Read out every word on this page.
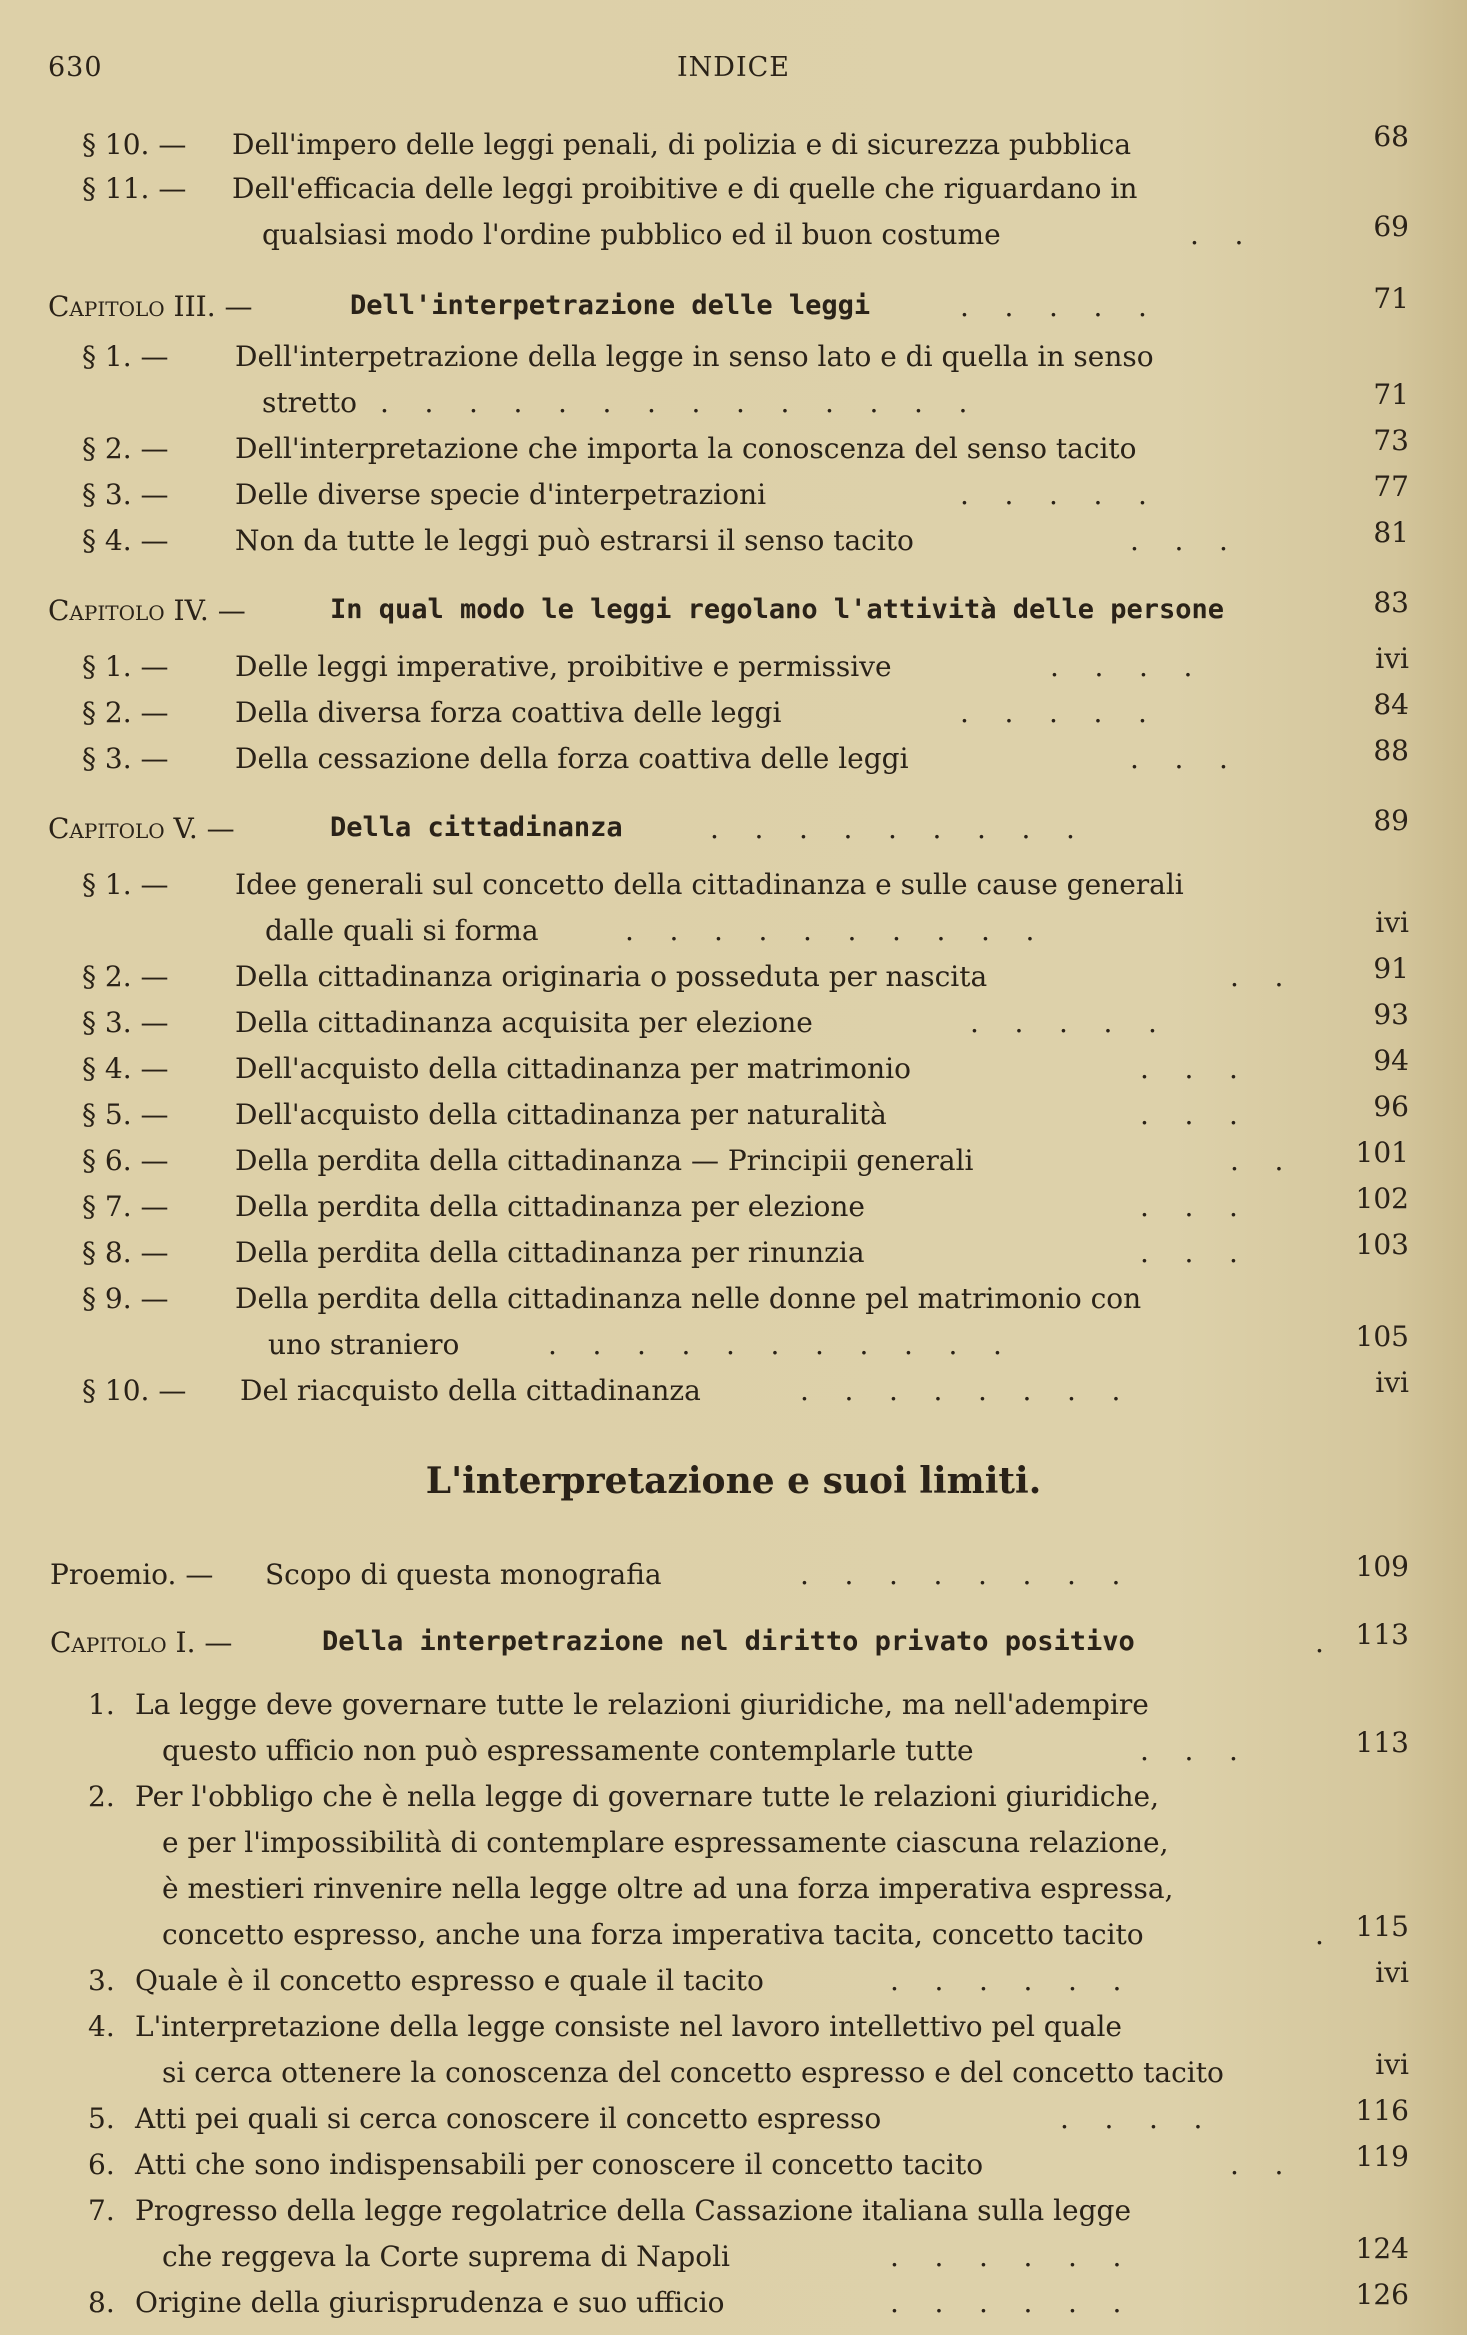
630	INDICE
§ 10. — Dell'impero delle leggi penali, di polizia e di sicurezza pubblica	68
§ 11. — Dell'efficacia delle leggi proibitive e di quelle che riguardano in
qualsiasi modo l'ordine pubblico ed il buon costume	.    .	69
Capitolo III. —	Dell'interpetrazione delle leggi	.    .    .    .    .	71
§ 1. — Dell'interpetrazione della legge in senso lato e di quella in senso
stretto .    .    .    .    .    .    .    .    .    .    .    .    .    .	71
§ 2. — Dell'interpretazione che importa la conoscenza del senso tacito	73
§ 3. — Delle diverse specie d'interpetrazioni	.    .    .    .    .	77
§ 4. — Non da tutte le leggi può estrarsi il senso tacito	.    .    .	81
Capitolo IV. —	In qual modo le leggi regolano l'attività delle persone	83
§ 1. — Delle leggi imperative, proibitive e permissive	.    .    .    .	ivi
§ 2. — Della diversa forza coattiva delle leggi	.    .    .    .    .	84
§ 3. — Della cessazione della forza coattiva delle leggi	.    .    .	88
Capitolo V. —	Della cittadinanza	.    .    .    .    .    .    .    .    .	89
§ 1. — Idee generali sul concetto della cittadinanza e sulle cause generali
dalle quali si forma	.    .    .    .    .    .    .    .    .    .	ivi
§ 2. — Della cittadinanza originaria o posseduta per nascita	.    .	91
§ 3. — Della cittadinanza acquisita per elezione	.    .    .    .    .	93
§ 4. — Dell'acquisto della cittadinanza per matrimonio	.    .    .	94
§ 5. — Dell'acquisto della cittadinanza per naturalità	.    .    .	96
§ 6. — Della perdita della cittadinanza — Principii generali	.    .	101
§ 7. — Della perdita della cittadinanza per elezione	.    .    .	102
§ 8. — Della perdita della cittadinanza per rinunzia	.    .    .	103
§ 9. — Della perdita della cittadinanza nelle donne pel matrimonio con
uno straniero	.    .    .    .    .    .    .    .    .    .    .	105
§ 10. — Del riacquisto della cittadinanza	.    .    .    .    .    .    .    .	ivi
L'interpretazione e suoi limiti.
Proemio. — Scopo di questa monografia	.    .    .    .    .    .    .    .	109
Capitolo I. —	Della interpetrazione nel diritto privato positivo	.	113
1. La legge deve governare tutte le relazioni giuridiche, ma nell'adempire
questo ufficio non può espressamente contemplarle tutte	.    .    .	113
2. Per l'obbligo che è nella legge di governare tutte le relazioni giuridiche,
e per l'impossibilità di contemplare espressamente ciascuna relazione,
è mestieri rinvenire nella legge oltre ad una forza imperativa espressa,
concetto espresso, anche una forza imperativa tacita, concetto tacito	.	115
3. Quale è il concetto espresso e quale il tacito	.    .    .    .    .    .	ivi
4. L'interpretazione della legge consiste nel lavoro intellettivo pel quale
si cerca ottenere la conoscenza del concetto espresso e del concetto tacito	ivi
5. Atti pei quali si cerca conoscere il concetto espresso	.    .    .    .	116
6. Atti che sono indispensabili per conoscere il concetto tacito	.    .	119
7. Progresso della legge regolatrice della Cassazione italiana sulla legge
che reggeva la Corte suprema di Napoli	.    .    .    .    .    .	124
8. Origine della giurisprudenza e suo ufficio	.    .    .    .    .    .	126
